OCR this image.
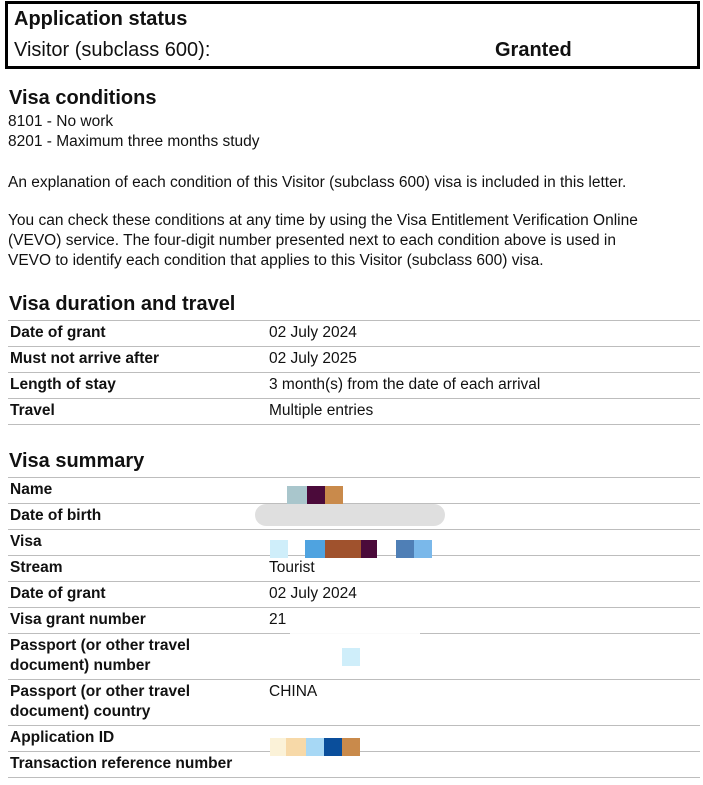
Application status
Visitor (subclass 600):	Granted
Visa conditions
8101 - No work
8201 - Maximum three months study
An explanation of each condition of this Visitor (subclass 600) visa is included in this letter.
You can check these conditions at any time by using the Visa Entitlement Verification Online
(VEVO) service. The four-digit number presented next to each condition above is used in
VEVO to identify each condition that applies to this Visitor (subclass 600) visa.
Visa duration and travel
Date of grant	02 July 2024
Must not arrive after	02 July 2025
Length of stay	3 month(s) from the date of each arrival
Travel	Multiple entries
Visa summary
Name	
Date of birth	
Visa	
Stream	Tourist
Date of grant	02 July 2024
Visa grant number	21
Passport (or other travel
document) number	
Passport (or other travel
document) country	CHINA
Application ID	
Transaction reference number	
